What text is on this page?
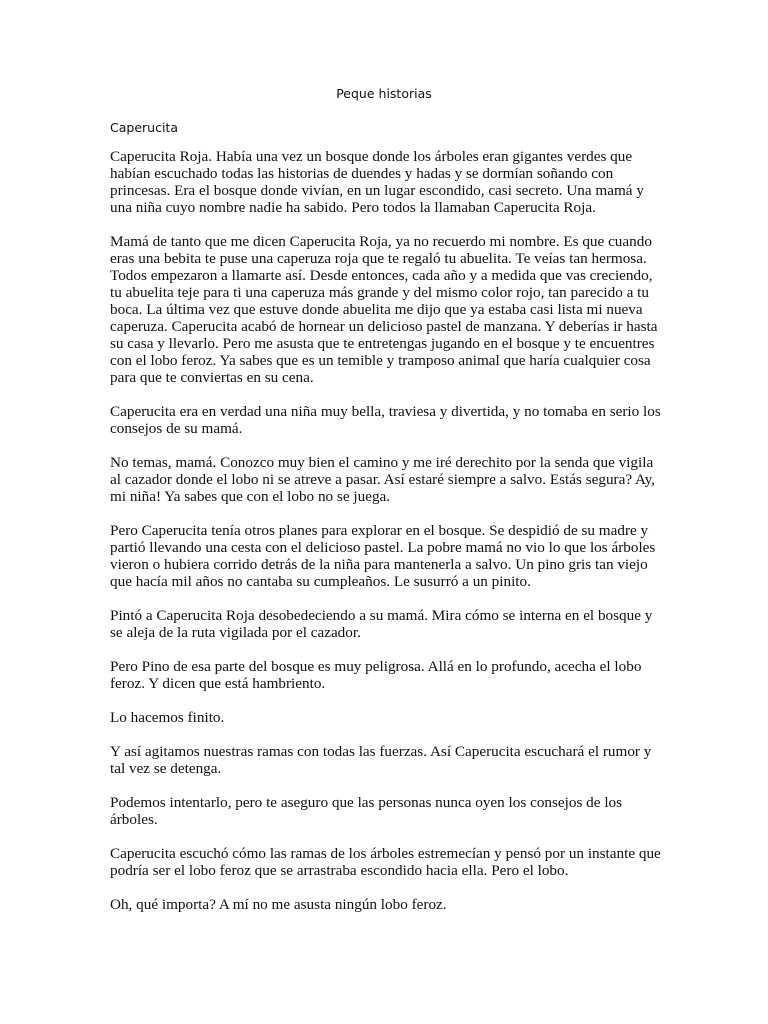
Peque historias
Caperucita

Caperucita Roja. Había una vez un bosque donde los árboles eran gigantes verdes que habían escuchado todas las historias de duendes y hadas y se dormían soñando con princesas. Era el bosque donde vivían, en un lugar escondido, casi secreto. Una mamá y una niña cuyo nombre nadie ha sabido. Pero todos la llamaban Caperucita Roja.

Mamá de tanto que me dicen Caperucita Roja, ya no recuerdo mi nombre. Es que cuando eras una bebita te puse una caperuza roja que te regaló tu abuelita. Te veías tan hermosa. Todos empezaron a llamarte así. Desde entonces, cada año y a medida que vas creciendo, tu abuelita teje para ti una caperuza más grande y del mismo color rojo, tan parecido a tu boca. La última vez que estuve donde abuelita me dijo que ya estaba casi lista mi nueva caperuza. Caperucita acabó de hornear un delicioso pastel de manzana. Y deberías ir hasta su casa y llevarlo. Pero me asusta que te entretengas jugando en el bosque y te encuentres con el lobo feroz. Ya sabes que es un temible y tramposo animal que haría cualquier cosa para que te conviertas en su cena.

Caperucita era en verdad una niña muy bella, traviesa y divertida, y no tomaba en serio los consejos de su mamá.

No temas, mamá. Conozco muy bien el camino y me iré derechito por la senda que vigila al cazador donde el lobo ni se atreve a pasar. Así estaré siempre a salvo. Estás segura? Ay, mi niña! Ya sabes que con el lobo no se juega.

Pero Caperucita tenía otros planes para explorar en el bosque. Se despidió de su madre y partió llevando una cesta con el delicioso pastel. La pobre mamá no vio lo que los árboles vieron o hubiera corrido detrás de la niña para mantenerla a salvo. Un pino gris tan viejo que hacía mil años no cantaba su cumpleaños. Le susurró a un pinito.

Pintó a Caperucita Roja desobedeciendo a su mamá. Mira cómo se interna en el bosque y se aleja de la ruta vigilada por el cazador.

Pero Pino de esa parte del bosque es muy peligrosa. Allá en lo profundo, acecha el lobo feroz. Y dicen que está hambriento.

Lo hacemos finito.

Y así agitamos nuestras ramas con todas las fuerzas. Así Caperucita escuchará el rumor y tal vez se detenga.

Podemos intentarlo, pero te aseguro que las personas nunca oyen los consejos de los árboles.

Caperucita escuchó cómo las ramas de los árboles estremecían y pensó por un instante que podría ser el lobo feroz que se arrastraba escondido hacia ella. Pero el lobo.

Oh, qué importa? A mí no me asusta ningún lobo feroz.
